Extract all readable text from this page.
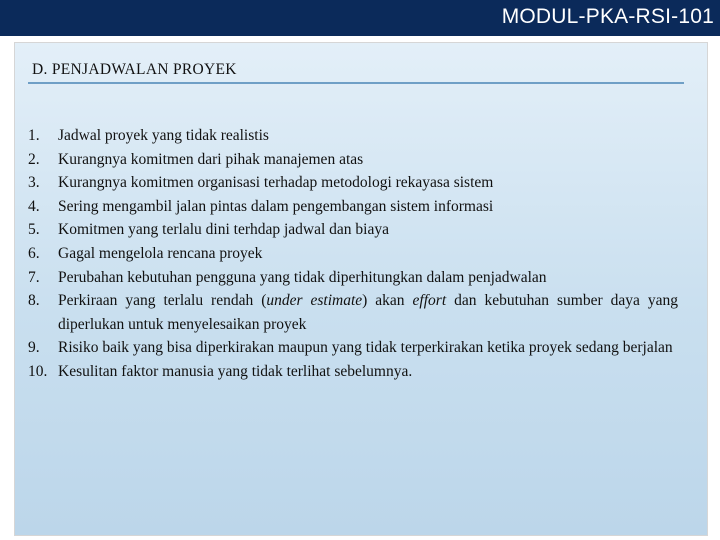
MODUL-PKA-RSI-101
D. PENJADWALAN PROYEK
1.	Jadwal proyek yang tidak realistis
2.	Kurangnya komitmen dari pihak manajemen atas
3.	Kurangnya komitmen organisasi terhadap metodologi rekayasa sistem
4.	Sering mengambil jalan pintas dalam pengembangan sistem informasi
5.	Komitmen yang terlalu dini terhdap jadwal dan biaya
6.	Gagal mengelola rencana proyek
7.	Perubahan kebutuhan pengguna yang tidak diperhitungkan dalam penjadwalan
8.	Perkiraan yang terlalu rendah (under estimate) akan effort dan kebutuhan sumber daya yang diperlukan untuk menyelesaikan proyek
9.	Risiko baik yang bisa diperkirakan maupun yang tidak terperkirakan ketika proyek sedang berjalan
10. Kesulitan faktor manusia yang tidak terlihat sebelumnya.
